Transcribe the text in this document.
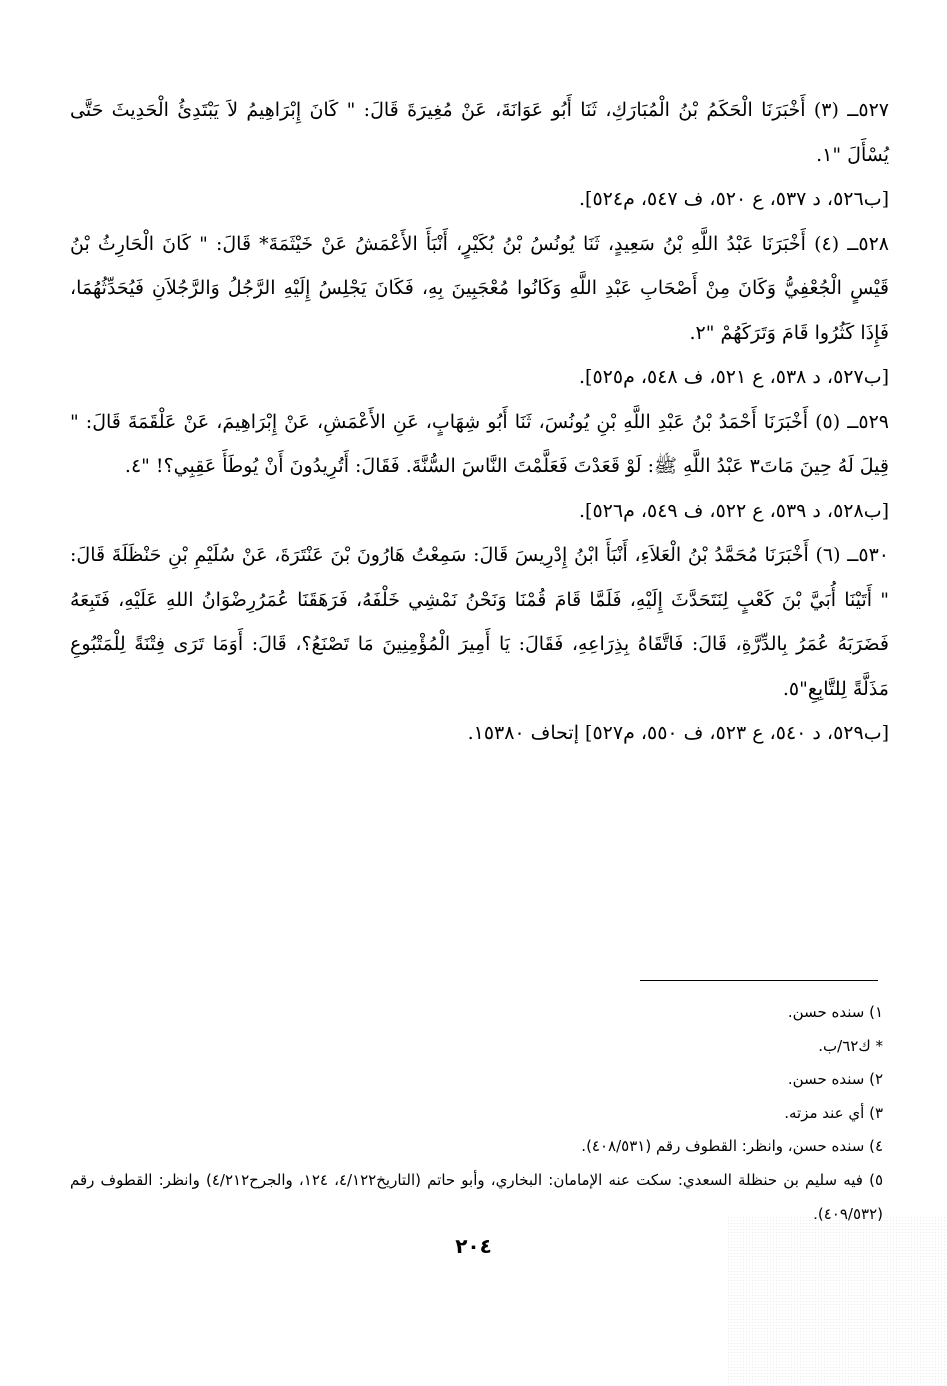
٥٢٧ــ (٣) أَخْبَرَنَا الْحَكَمُ بْنُ الْمُبَارَكِ، ثَنَا أَبُو عَوَانَةَ، عَنْ مُغِيرَةَ قَالَ: " كَانَ إِبْرَاهِيمُ لاَ يَبْتَدِئُ الْحَدِيثَ حَتَّى يُسْأَلَ "١.

[ب٥٢٦، د ٥٣٧، ع ٥٢٠، ف ٥٤٧، م٥٢٤].

٥٢٨ــ (٤) أَخْبَرَنَا عَبْدُ اللَّهِ بْنُ سَعِيدٍ، ثَنَا يُونُسُ بْنُ بُكَيْرٍ، أَنْبَأَ الأَعْمَشُ عَنْ خَيْثَمَةَ* قَالَ: " كَانَ الْحَارِثُ بْنُ قَيْسٍ الْجُعْفِيُّ وَكَانَ مِنْ أَصْحَابِ عَبْدِ اللَّهِ وَكَانُوا مُعْجَبِينَ بِهِ، فَكَانَ يَجْلِسُ إِلَيْهِ الرَّجُلُ وَالرَّجُلاَنِ فَيُحَدِّثُهُمَا، فَإِذَا كَثُرُوا قَامَ وَتَرَكَهُمْ "٢.

[ب٥٢٧، د ٥٣٨، ع ٥٢١، ف ٥٤٨، م٥٢٥].

٥٢٩ــ (٥) أَخْبَرَنَا أَحْمَدُ بْنُ عَبْدِ اللَّهِ بْنِ يُونُسَ، ثَنَا أَبُو شِهَابٍ، عَنِ الأَعْمَشِ، عَنْ إِبْرَاهِيمَ، عَنْ عَلْقَمَةَ قَالَ: " قِيلَ لَهُ حِينَ مَاتَ٣ عَبْدُ اللَّهِ ﷺ: لَوْ قَعَدْتَ فَعَلَّمْتَ النَّاسَ السُّنَّةَ. فَقَالَ: أَتُرِيدُونَ أَنْ يُوطَأَ عَقِبِي؟! "٤.

[ب٥٢٨، د ٥٣٩، ع ٥٢٢، ف ٥٤٩، م٥٢٦].

٥٣٠ــ (٦) أَخْبَرَنَا مُحَمَّدُ بْنُ الْعَلاَءِ، أَنْبَأَ ابْنُ إِدْرِيسَ قَالَ: سَمِعْتُ هَارُونَ بْنَ عَنْتَرَةَ، عَنْ سُلَيْمِ بْنِ حَنْظَلَةَ قَالَ: " أَتَيْنَا أُبَيَّ بْنَ كَعْبٍ لِنَتَحَدَّثَ إِلَيْهِ، فَلَمَّا قَامَ قُمْنَا وَنَحْنُ نَمْشِي خَلْفَهُ، فَرَهَقَنَا عُمَرُرِضْوَانُ اللهِ عَلَيْهِ، فَتَبِعَهُ فَضَرَبَهُ عُمَرُ بِالدِّرَّةِ، قَالَ: فَاتَّقَاهُ بِذِرَاعِهِ، فَقَالَ: يَا أَمِيرَ الْمُؤْمِنِينَ مَا تَصْنَعُ؟، قَالَ: أَوَمَا تَرَى فِتْنَةً لِلْمَتْبُوعِ مَذَلَّةً لِلتَّابِعِ"٥.

[ب٥٢٩، د ٥٤٠، ع ٥٢٣، ف ٥٥٠، م٥٢٧] إتحاف ١٥٣٨٠.

١) سنده حسن.

* ك٦٢/ب.

٢) سنده حسن.

٣) أي عند مزته.

٤) سنده حسن، وانظر: القطوف رقم (٤٠٨/٥٣١).

٥) فيه سليم بن حنظلة السعدي: سكت عنه الإمامان: البخاري، وأبو حاتم (التاريخ٤/١٢٢، ١٢٤، والجرح٤/٢١٢) وانظر: القطوف رقم (٤٠٩/٥٣٢).

٢٠٤
